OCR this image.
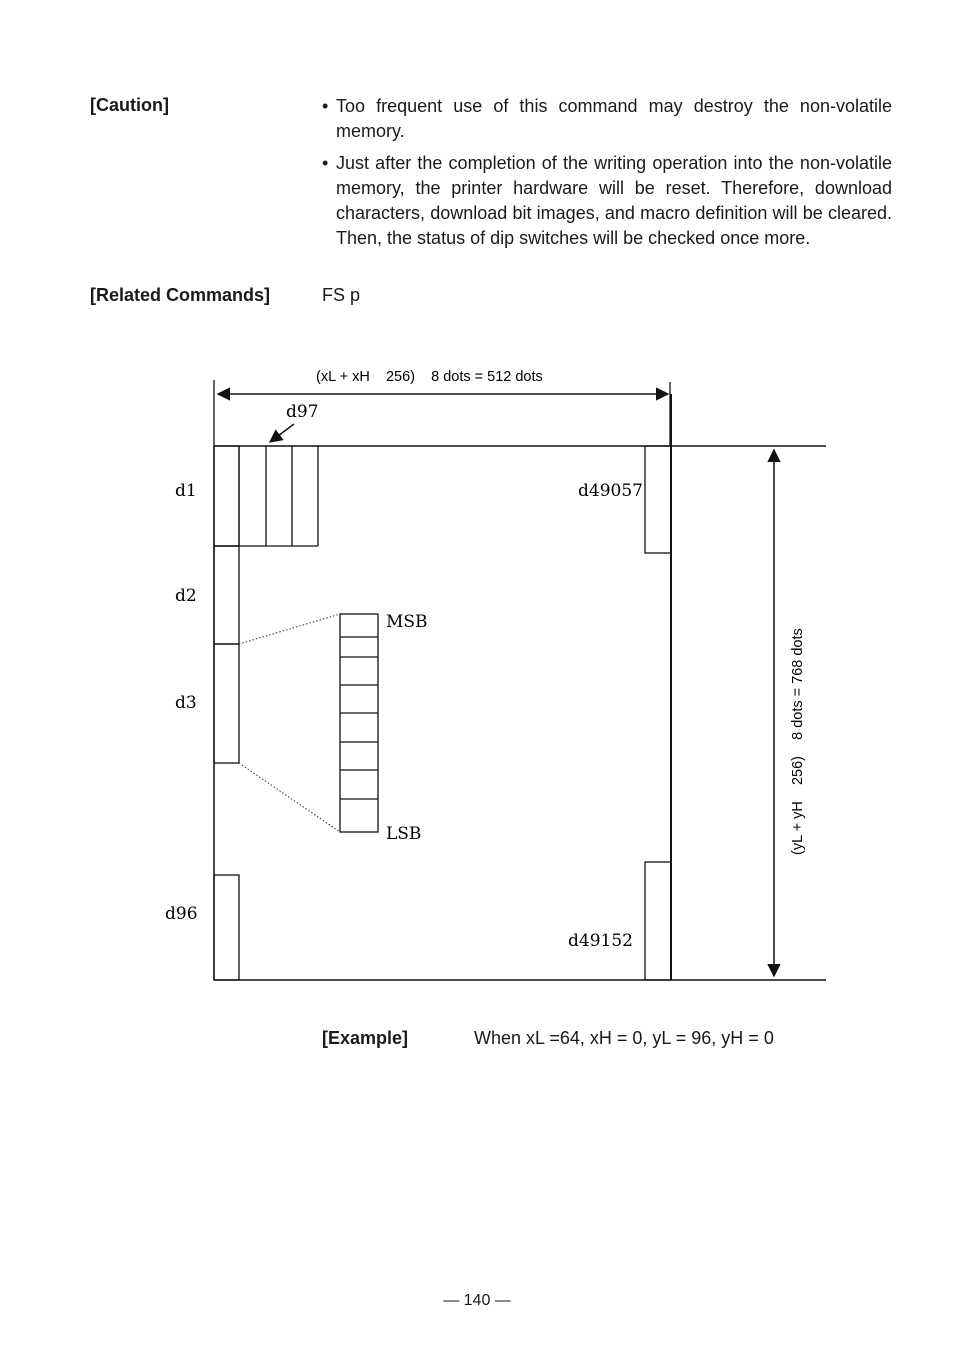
[Caution]	• Too frequent use of this command may destroy the non-volatile memory.
• Just after the completion of the writing operation into the non-volatile memory, the printer hardware will be reset. Therefore, download characters, download bit images, and macro definition will be cleared. Then, the status of dip switches will be checked once more.
[Related Commands]	FS p
(xL + xH    256)    8 dots = 512 dots
d97
d1
d2
d3
d96
d49057
d49152
MSB
LSB	(yL + yH    256)    8 dots = 768 dots
[Example]	When xL =64, xH = 0, yL = 96, yH = 0
— 140 —
